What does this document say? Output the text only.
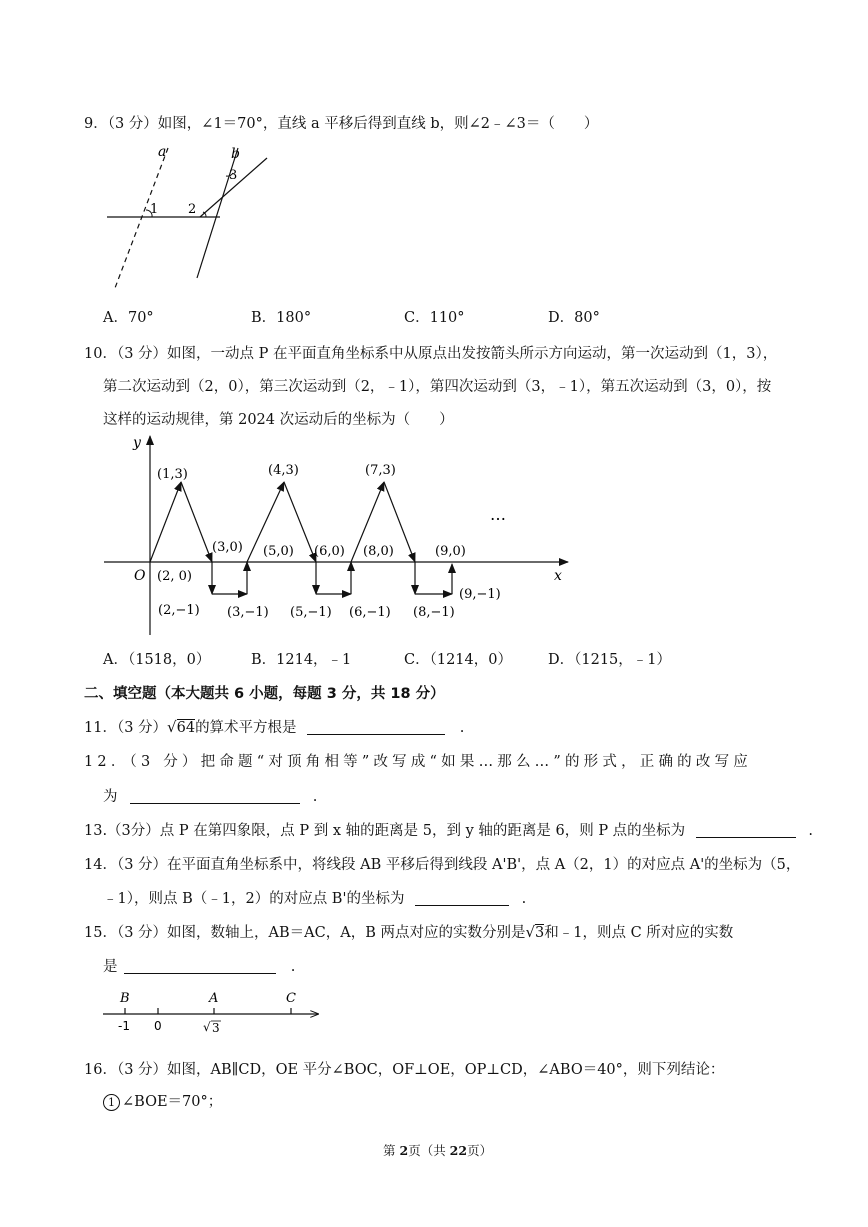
9．（3 分）如图，∠1＝70°，直线 a 平移后得到直线 b，则∠2﹣∠3＝（　　）
a	b
1 2
3
A．70°	B．180°	C．110°	D．80°
10．（3 分）如图，一动点 P 在平面直角坐标系中从原点出发按箭头所示方向运动，第一次运动到（1，3），
第二次运动到（2，0），第三次运动到（2，﹣1），第四次运动到（3，﹣1），第五次运动到（3，0），按
这样的运动规律，第 2024 次运动后的坐标为（　　）
y
x
O
(1,3)	(4,3)	(7,3)
…
(3,0) (5,0) (6,0) (8,0)	(9,0)
(2, 0)
(2,−1) (3,−1) (5,−1) (6,−1) (8,−1)
(9,−1)
A．（1518，0）	B．1214，﹣1	C．（1214，0） D．（1215，﹣1）
二、填空题（本大题共 6 小题，每题 3 分，共 18 分）
11．（3 分）√64的算术平方根是	.
12．（3 分）把命题“对顶角相等”改写成“如果…那么…”的形式，正确的改写应
为	.
13.（3分）点 P 在第四象限，点 P 到 x 轴的距离是 5，到 y 轴的距离是 6，则 P 点的坐标为	.
14．（3 分）在平面直角坐标系中，将线段 AB 平移后得到线段 A'B'，点 A（2，1）的对应点 A'的坐标为（5，
﹣1），则点 B（﹣1，2）的对应点 B'的坐标为	.
15．（3 分）如图，数轴上，AB＝AC，A，B 两点对应的实数分别是√3和﹣1，则点 C 所对应的实数
是	.
B	A	C
-1 0	√ 3
16．（3 分）如图，AB∥CD，OE 平分∠BOC，OF⊥OE，OP⊥CD，∠ABO＝40°，则下列结论：
1 ∠BOE＝70°；
第 2页（共 22页）
